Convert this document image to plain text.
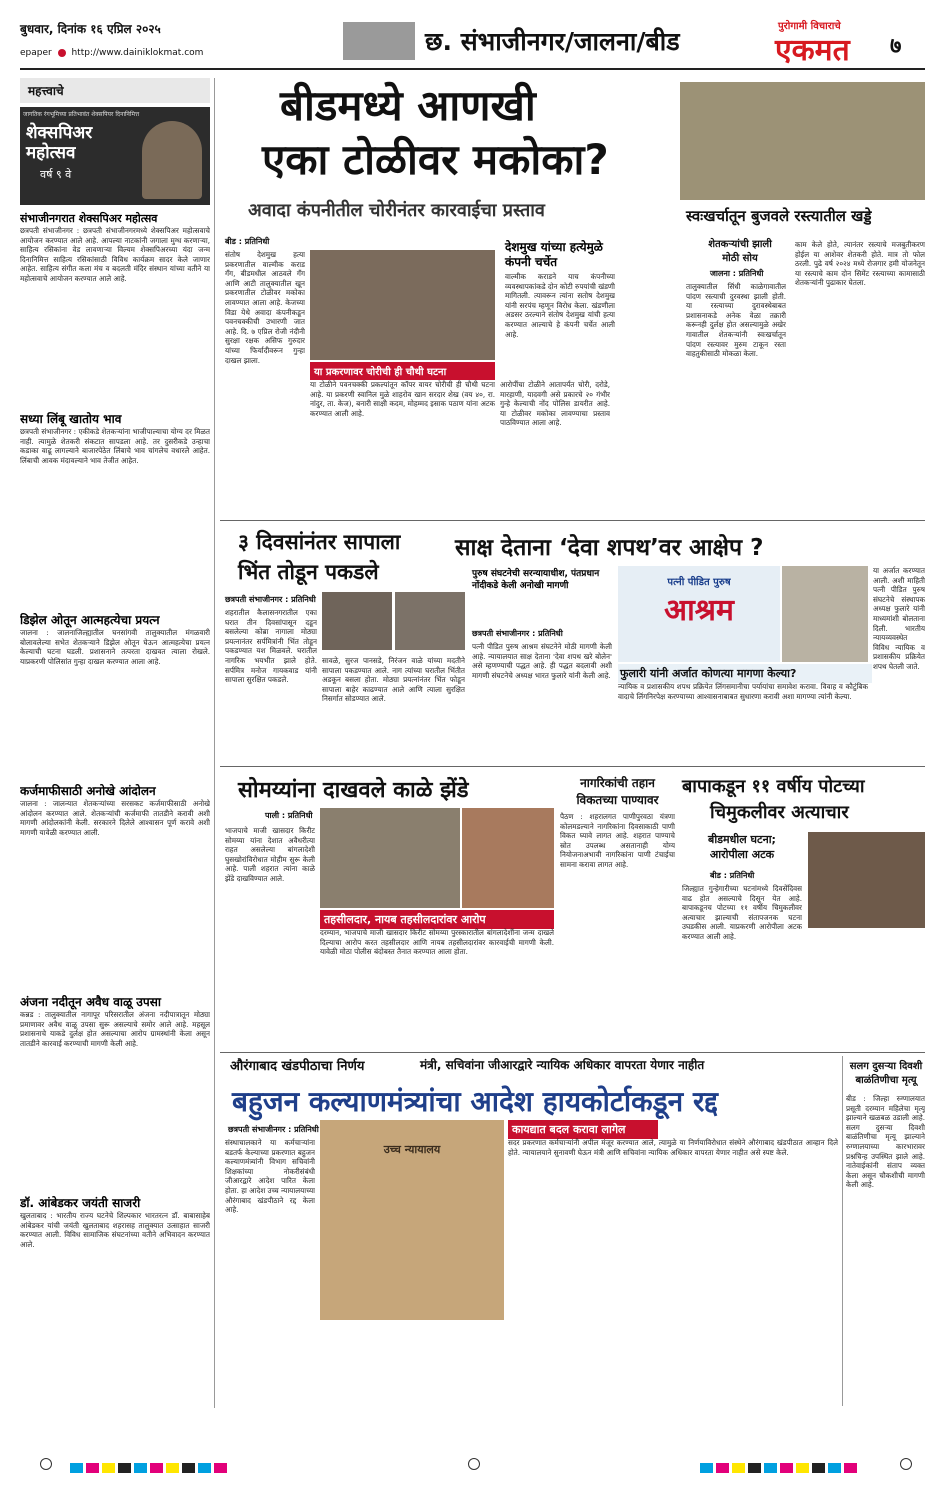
बुधवार, दिनांक १६ एप्रिल २०२५
epaper http://www.dainiklokmat.com	छ. संभाजीनगर/जालना/बीड
पुरोगामी विचाराचे
एकमत ७
महत्त्वाचे
जागतिक रंगभूमिच्या प्रतिभावंत शेक्सपियर दिनानिमित्त
शेक्सपिअर महोत्सव
वर्ष ९ वे
संभाजीनगरात शेक्सपिअर महोत्सव
छत्रपती संभाजीनगर : छत्रपती संभाजीनगरमध्ये शेक्सपिअर महोत्सवाचे आयोजन करण्यात आले आहे. आपल्या नाटकांनी जगाला मुग्ध करणाऱ्या, साहित्य रसिकांना वेड लावणाऱ्या विल्यम शेक्सपिअरच्या यंदा जन्म दिनानिमित्त साहित्य रसिकांसाठी विविध कार्यक्रम सादर केले जाणार आहेत. साहित्य संगीत कला मंच व बदलती मंदिर संस्थान यांच्या वतीने या महोत्सवाचे आयोजन करण्यात आले आहे.
सध्या लिंबू खातोय भाव
छत्रपती संभाजीनगर : एकीकडे शेतकऱ्यांना भाजीपाल्याचा योग्य दर मिळत नाही. त्यामुळे शेतकरी संकटात सापडला आहे. तर दुसरीकडे उन्हाचा कडाका वाढू लागल्याने बाजारपेठेत लिंबाचे भाव चांगलेच वधारले आहेत. लिंबाची आवक मंदावल्याने भाव तेजीत आहेत.
डिझेल ओतून आत्महत्येचा प्रयत्न
जालना : जालनाजिल्ह्यातील घनसांगवी तालुक्यातील मंगळवारी बोलावलेल्या सभेत शेतकऱ्याने डिझेल ओतून घेऊन आत्महत्येचा प्रयत्न केल्याची घटना घडली. प्रशासनाने तत्परता दाखवत त्याला रोखले. याप्रकरणी पोलिसांत गुन्हा दाखल करण्यात आला आहे.
कर्जमाफीसाठी अनोखे आंदोलन
जालना : जालन्यात शेतकऱ्यांच्या सरसकट कर्जमाफीसाठी अनोखे आंदोलन करण्यात आले. शेतकऱ्यांची कर्जमाफी तातडीने करावी अशी मागणी आंदोलकांनी केली. सरकारने दिलेले आश्वासन पूर्ण करावे अशी मागणी यावेळी करण्यात आली.
अंजना नदीतून अवैध वाळू उपसा
कन्नड : तालुक्यातील नागापूर परिसरातील अंजना नदीपात्रातून मोठ्या प्रमाणावर अवैध वाळू उपसा सुरू असल्याचे समोर आले आहे. महसूल प्रशासनाचे याकडे दुर्लक्ष होत असल्याचा आरोप ग्रामस्थांनी केला असून तातडीने कारवाई करण्याची मागणी केली आहे.
डॉ. आंबेडकर जयंती साजरी
खुलताबाद : भारतीय राज्य घटनेचे शिल्पकार भारतरत्न डॉ. बाबासाहेब आंबेडकर यांची जयंती खुलताबाद शहरासह तालुक्यात उत्साहात साजरी करण्यात आली. विविध सामाजिक संघटनांच्या वतीने अभिवादन करण्यात आले.
बीडमध्ये आणखी
एका टोळीवर मकोका?
अवादा कंपनीतील चोरीनंतर कारवाईचा प्रस्ताव
बीड : प्रतिनिधी
संतोष देशमुख हत्या प्रकरणातील वाल्मीक कराड गँग, बीडमधील आठवले गँग आणि आटी तालुक्यातील खून प्रकरणातील टोळीवर मकोका लावण्यात आला आहे. केजच्या विडा येथे अवादा कंपनीकडून पवनचक्कीची उभारणी जात आहे. दि. ७ एप्रिल रोजी नंदीनी सुरक्षा रक्षक असिफ गुरुदार यांच्या फिर्यादीवरून गुन्हा दाखल झाला.
या प्रकरणावर चोरीची ही चौथी घटना
या टोळीने पवनचक्की प्रकल्पांतून कॉपर वायर चोरीची ही चौथी घटना आहे. या प्रकरणी स्वानिल मुळे शाहरोव खान सरदार शेख (वय ४०, रा. नांदुर, ता. केज), बनारी साक्षी कदम, मोहम्मद इसाक पठाण यांना अटक करण्यात आली आहे.
आरोपींचा टोळीने आतापर्यंत चोरी, दरोडे, मारहाणी, यादवगी असे प्रकारचे २० गंभीर गुन्हे केल्याची नोंद पोलिस डायरीत आहे. या टोळीवर मकोका लावण्याचा प्रस्ताव पाठविण्यात आला आहे.
देशमुख यांच्या हत्येमुळे कंपनी चर्चेत
वाल्मीक कराडने याच कंपनीच्या व्यवस्थापकांकडे दोन कोटी रुपयांची खंडणी मागितली. त्यावरून त्यांना सतोष देशमुख यांनी सरपंच म्हणून विरोध केला. खंडणीला अडसर ठरल्याने संतोष देशमुख यांची हत्या करण्यात आल्याचे हे कंपनी चर्चेत आली आहे.
स्वःखर्चातून बुजवले रस्त्यातील खड्डे
शेतकऱ्यांची झाली
मोठी सोय
जालना : प्रतिनिधी
तालुक्यातील सिंधी काळेगावातील पांदण रस्त्याची दुरवस्था झाली होती. या रस्त्याच्या दुरावस्थेबाबत प्रशासनाकडे अनेक वेळा तक्रारी करूनही दुर्लक्ष होत असल्यामुळे अखेर गावातील शेतकऱ्यांनी स्वःखर्चातून पांदण रस्त्यावर मुरुम टाकून रस्ता वाहतुकीसाठी मोकळा केला.
काम केले होते, त्यानंतर रस्त्याचे मजबुतीकरण होईल या आशेवर शेतकरी होते. मात्र तो फोल ठरली. पुढे वर्ष २०२४ मध्ये रोजगार हमी योजनेतून या रस्त्याचे काम दोन सिमेंट रस्त्याच्या कामासाठी शेतकऱ्यांनी पुढाकार घेतला.
३ दिवसांनंतर सापाला
भिंत तोडून पकडले
छत्रपती संभाजीनगर : प्रतिनिधी
शहरातील कैलासनगरातील एका घरात तीन दिवसांपासून दडून बसलेल्या कोब्रा नागाला मोठ्या प्रयत्नानंतर सर्पमित्रांनी भिंत तोडून पकडण्यात यश मिळवले. घरातील नागरिक भयभीत झाले होते. सर्पमित्र मनोज गायकवाड यांनी सापाला सुरक्षित पकडले.
सावळे, सुरज पानसडे, निरंजन वाळे यांच्या मदतीने सापाला पकडण्यात आले. नाग त्यांच्या घरातील भिंतीत अडकून बसला होता. मोठ्या प्रयत्नांनंतर भिंत फोडून सापाला बाहेर काढण्यात आले आणि त्याला सुरक्षित निसर्गात सोडण्यात आले.
साक्ष देताना ‘देवा शपथ’वर आक्षेप ?
पुरुष संघटनेची सरन्यायाधीश, पंतप्रधान नोंदीकडे केली अनोखी मागणी
छत्रपती संभाजीनगर : प्रतिनिधी
पत्नी पीडित पुरुष
आश्रम
फुलारी यांनी अर्जात कोणत्या मागणा केल्या?
पत्नी पीडित पुरुष आश्रम संघटनेने मोठी मागणी केली आहे. न्यायालयात साक्ष देताना 'देवा शपथ खरे बोलेन' असे म्हणण्याची पद्धत आहे. ही पद्धत बदलावी अशी मागणी संघटनेचे अध्यक्ष भारत फुलारे यांनी केली आहे.
न्यायिक व प्रशासकीय शपथ प्रक्रियेत लिंगसमानीचा पर्यायांचा समावेश करावा. विवाह व कौटुंबिक वादाचे लिंगनिरपेक्ष करण्याच्या आश्वासनाबाबत सुधारणा करावी अशा मागण्या त्यांनी केल्या.
या अर्जात करण्यात आली. अशी माहिती पत्नी पीडित पुरुष संघटनेचे संस्थापक अध्यक्ष फुलारे यांनी माध्यमांशी बोलताना दिली. भारतीय न्यायव्यवस्थेत विविध न्यायिक व प्रशासकीय प्रक्रियेत शपथ घेतली जाते.
सोमय्यांना दाखवले काळे झेंडे
पाली : प्रतिनिधी
तहसीलदार, नायब तहसीलदारांवर आरोप
भाजपाचे माजी खासदार किरीट सोमय्या यांना देशात अवैधरीत्या राहत असलेल्या बांगलादेशी घुसखोरांविरोधात मोहीम सुरू केली आहे. पाली शहरात त्यांना काळे झेंडे दाखविण्यात आले.
दरम्यान, भाजपाचे माजी खासदार किरीट सोमय्या पुरस्कारातील बांगलादेशींना जन्म दाखले दिल्याचा आरोप करत तहसीलदार आणि नायब तहसीलदारांवर कारवाईची मागणी केली. यावेळी मोठा पोलीस बंदोबस्त तैनात करण्यात आला होता.
नागरिकांची तहान
विकतच्या पाण्यावर
पैठण : शहरालगत पाणीपुरवठा यंत्रणा कोलमडल्याने नागरिकांना दिवसाकाठी पाणी विकत घ्यावे लागत आहे. शहरात पाण्याचे स्रोत उपलब्ध असतानाही योग्य नियोजनाअभावी नागरिकांना पाणी टंचाईचा सामना करावा लागत आहे.
बापाकडून ११ वर्षीय पोटच्या
चिमुकलीवर अत्याचार
बीडमधील घटना;
आरोपीला अटक
बीड : प्रतिनिधी
जिल्ह्यात गुन्हेगारीच्या घटनांमध्ये दिवसेंदिवस वाढ होत असल्याचे दिसून येत आहे. बापाकडूनच पोटच्या ११ वर्षीय चिमुकलीवर अत्याचार झाल्याची संतापजनक घटना उघडकीस आली. याप्रकरणी आरोपीला अटक करण्यात आली आहे.
औरंगाबाद खंडपीठाचा निर्णय	मंत्री, सचिवांना जीआरद्वारे न्यायिक अधिकार वापरता येणार नाहीत
बहुजन कल्याणमंत्र्यांचा आदेश हायकोर्टाकडून रद्द
छत्रपती संभाजीनगर : प्रतिनिधी
उच्च न्यायालय
कायद्यात बदल करावा लागेल
संस्थाचालकाने या कर्मचाऱ्यांना बडतर्फ केल्याच्या प्रकरणात बहुजन कल्याणमंत्र्यांनी विभाग सचिवांनी शिक्षकांच्या नोकरीसंबंधी जीआरद्वारे आदेश पारित केला होता. हा आदेश उच्च न्यायालयाच्या औरंगाबाद खंडपीठाने रद्द केला आहे.
सदर प्रकरणात कर्मचाऱ्यांनी अपील मंजूर करण्यात आले, त्यामुळे या निर्णयाविरोधात संस्थेने औरंगाबाद खंडपीठात आव्हान दिले होते. न्यायालयाने सुनावणी घेऊन मंत्री आणि सचिवांना न्यायिक अधिकार वापरता येणार नाहीत असे स्पष्ट केले.
सलग दुसऱ्या दिवशी
बाळंतिणीचा मृत्यू
बीड : जिल्हा रुग्णालयात प्रसूती दरम्यान महिलेचा मृत्यू झाल्याने खळबळ उडाली आहे. सलग दुसऱ्या दिवशी बाळंतिणीचा मृत्यू झाल्याने रुग्णालयाच्या कारभारावर प्रश्नचिन्ह उपस्थित झाले आहे. नातेवाईकांनी संताप व्यक्त केला असून चौकशीची मागणी केली आहे.
